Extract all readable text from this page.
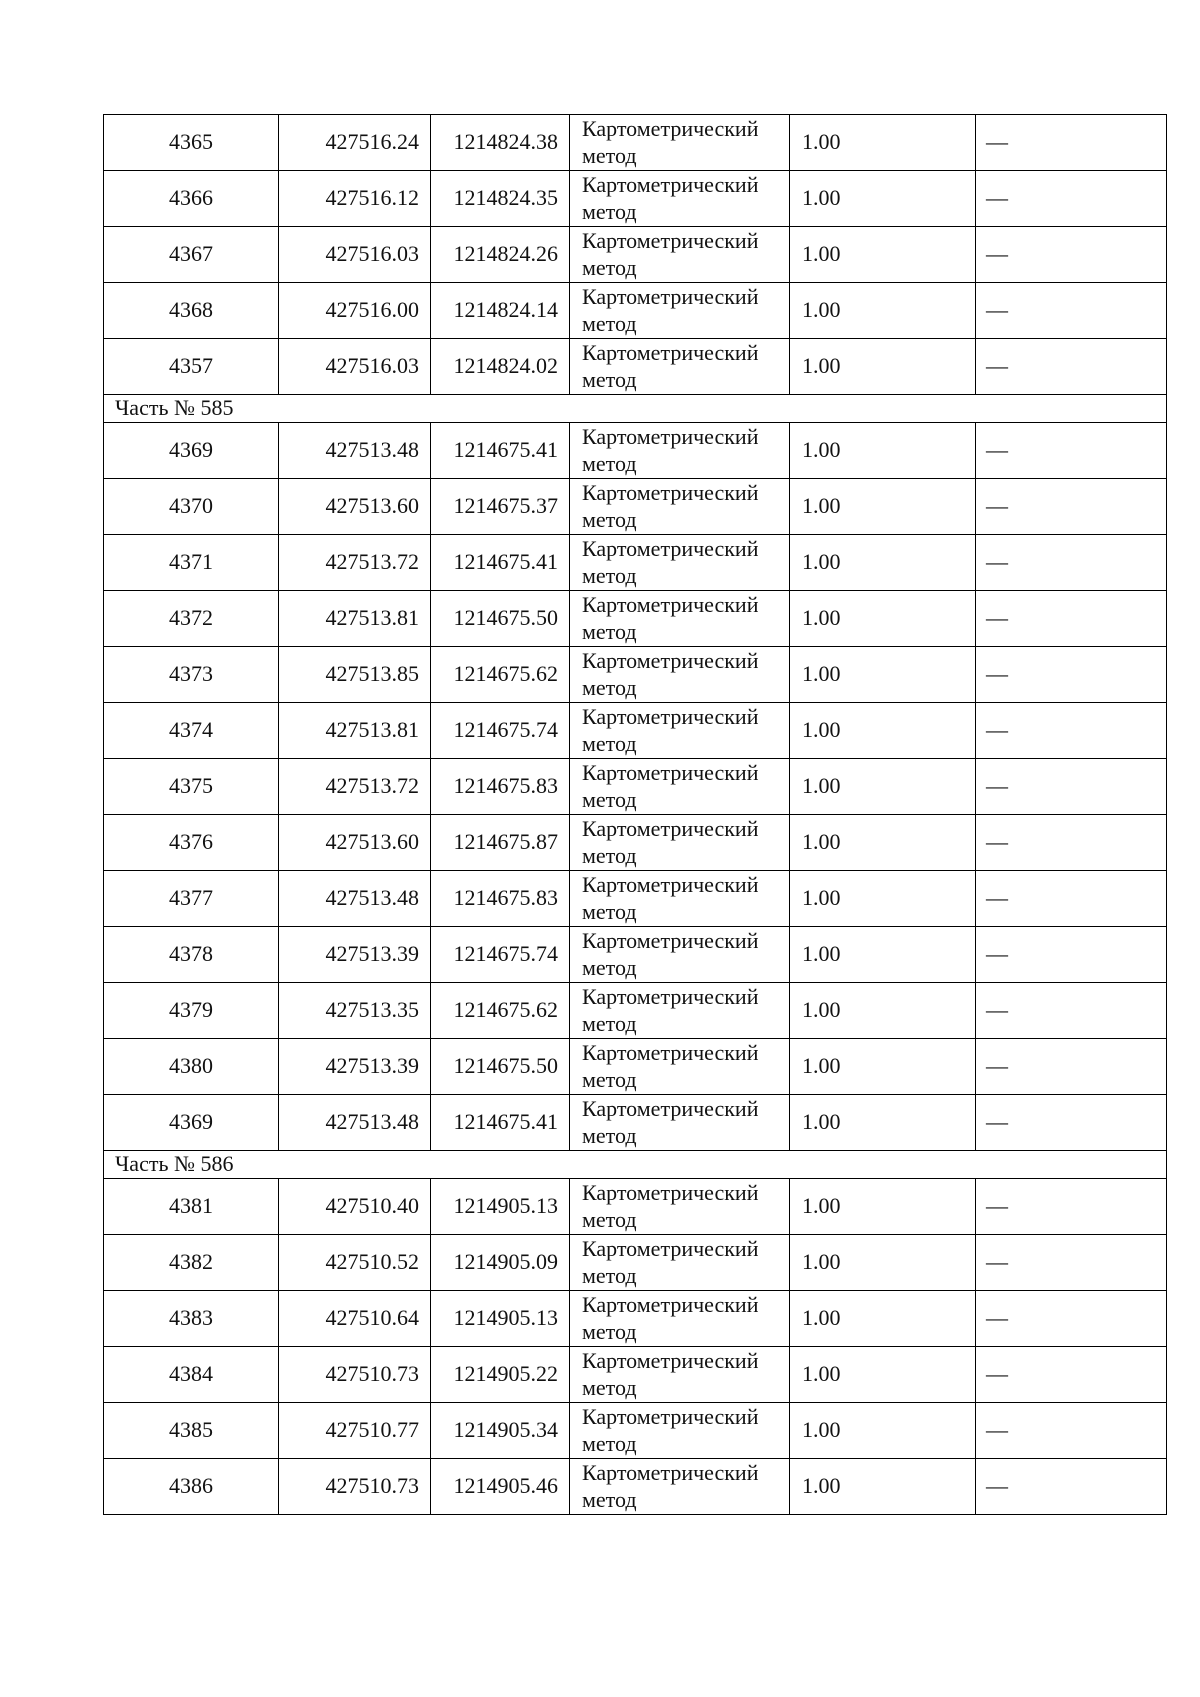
4365	427516.24	1214824.38	Картометрический метод	1.00	—
4366	427516.12	1214824.35	Картометрический метод	1.00	—
4367	427516.03	1214824.26	Картометрический метод	1.00	—
4368	427516.00	1214824.14	Картометрический метод	1.00	—
4357	427516.03	1214824.02	Картометрический метод	1.00	—
Часть № 585					
4369	427513.48	1214675.41	Картометрический метод	1.00	—
4370	427513.60	1214675.37	Картометрический метод	1.00	—
4371	427513.72	1214675.41	Картометрический метод	1.00	—
4372	427513.81	1214675.50	Картометрический метод	1.00	—
4373	427513.85	1214675.62	Картометрический метод	1.00	—
4374	427513.81	1214675.74	Картометрический метод	1.00	—
4375	427513.72	1214675.83	Картометрический метод	1.00	—
4376	427513.60	1214675.87	Картометрический метод	1.00	—
4377	427513.48	1214675.83	Картометрический метод	1.00	—
4378	427513.39	1214675.74	Картометрический метод	1.00	—
4379	427513.35	1214675.62	Картометрический метод	1.00	—
4380	427513.39	1214675.50	Картометрический метод	1.00	—
4369	427513.48	1214675.41	Картометрический метод	1.00	—
Часть № 586					
4381	427510.40	1214905.13	Картометрический метод	1.00	—
4382	427510.52	1214905.09	Картометрический метод	1.00	—
4383	427510.64	1214905.13	Картометрический метод	1.00	—
4384	427510.73	1214905.22	Картометрический метод	1.00	—
4385	427510.77	1214905.34	Картометрический метод	1.00	—
4386	427510.73	1214905.46	Картометрический метод	1.00	—
